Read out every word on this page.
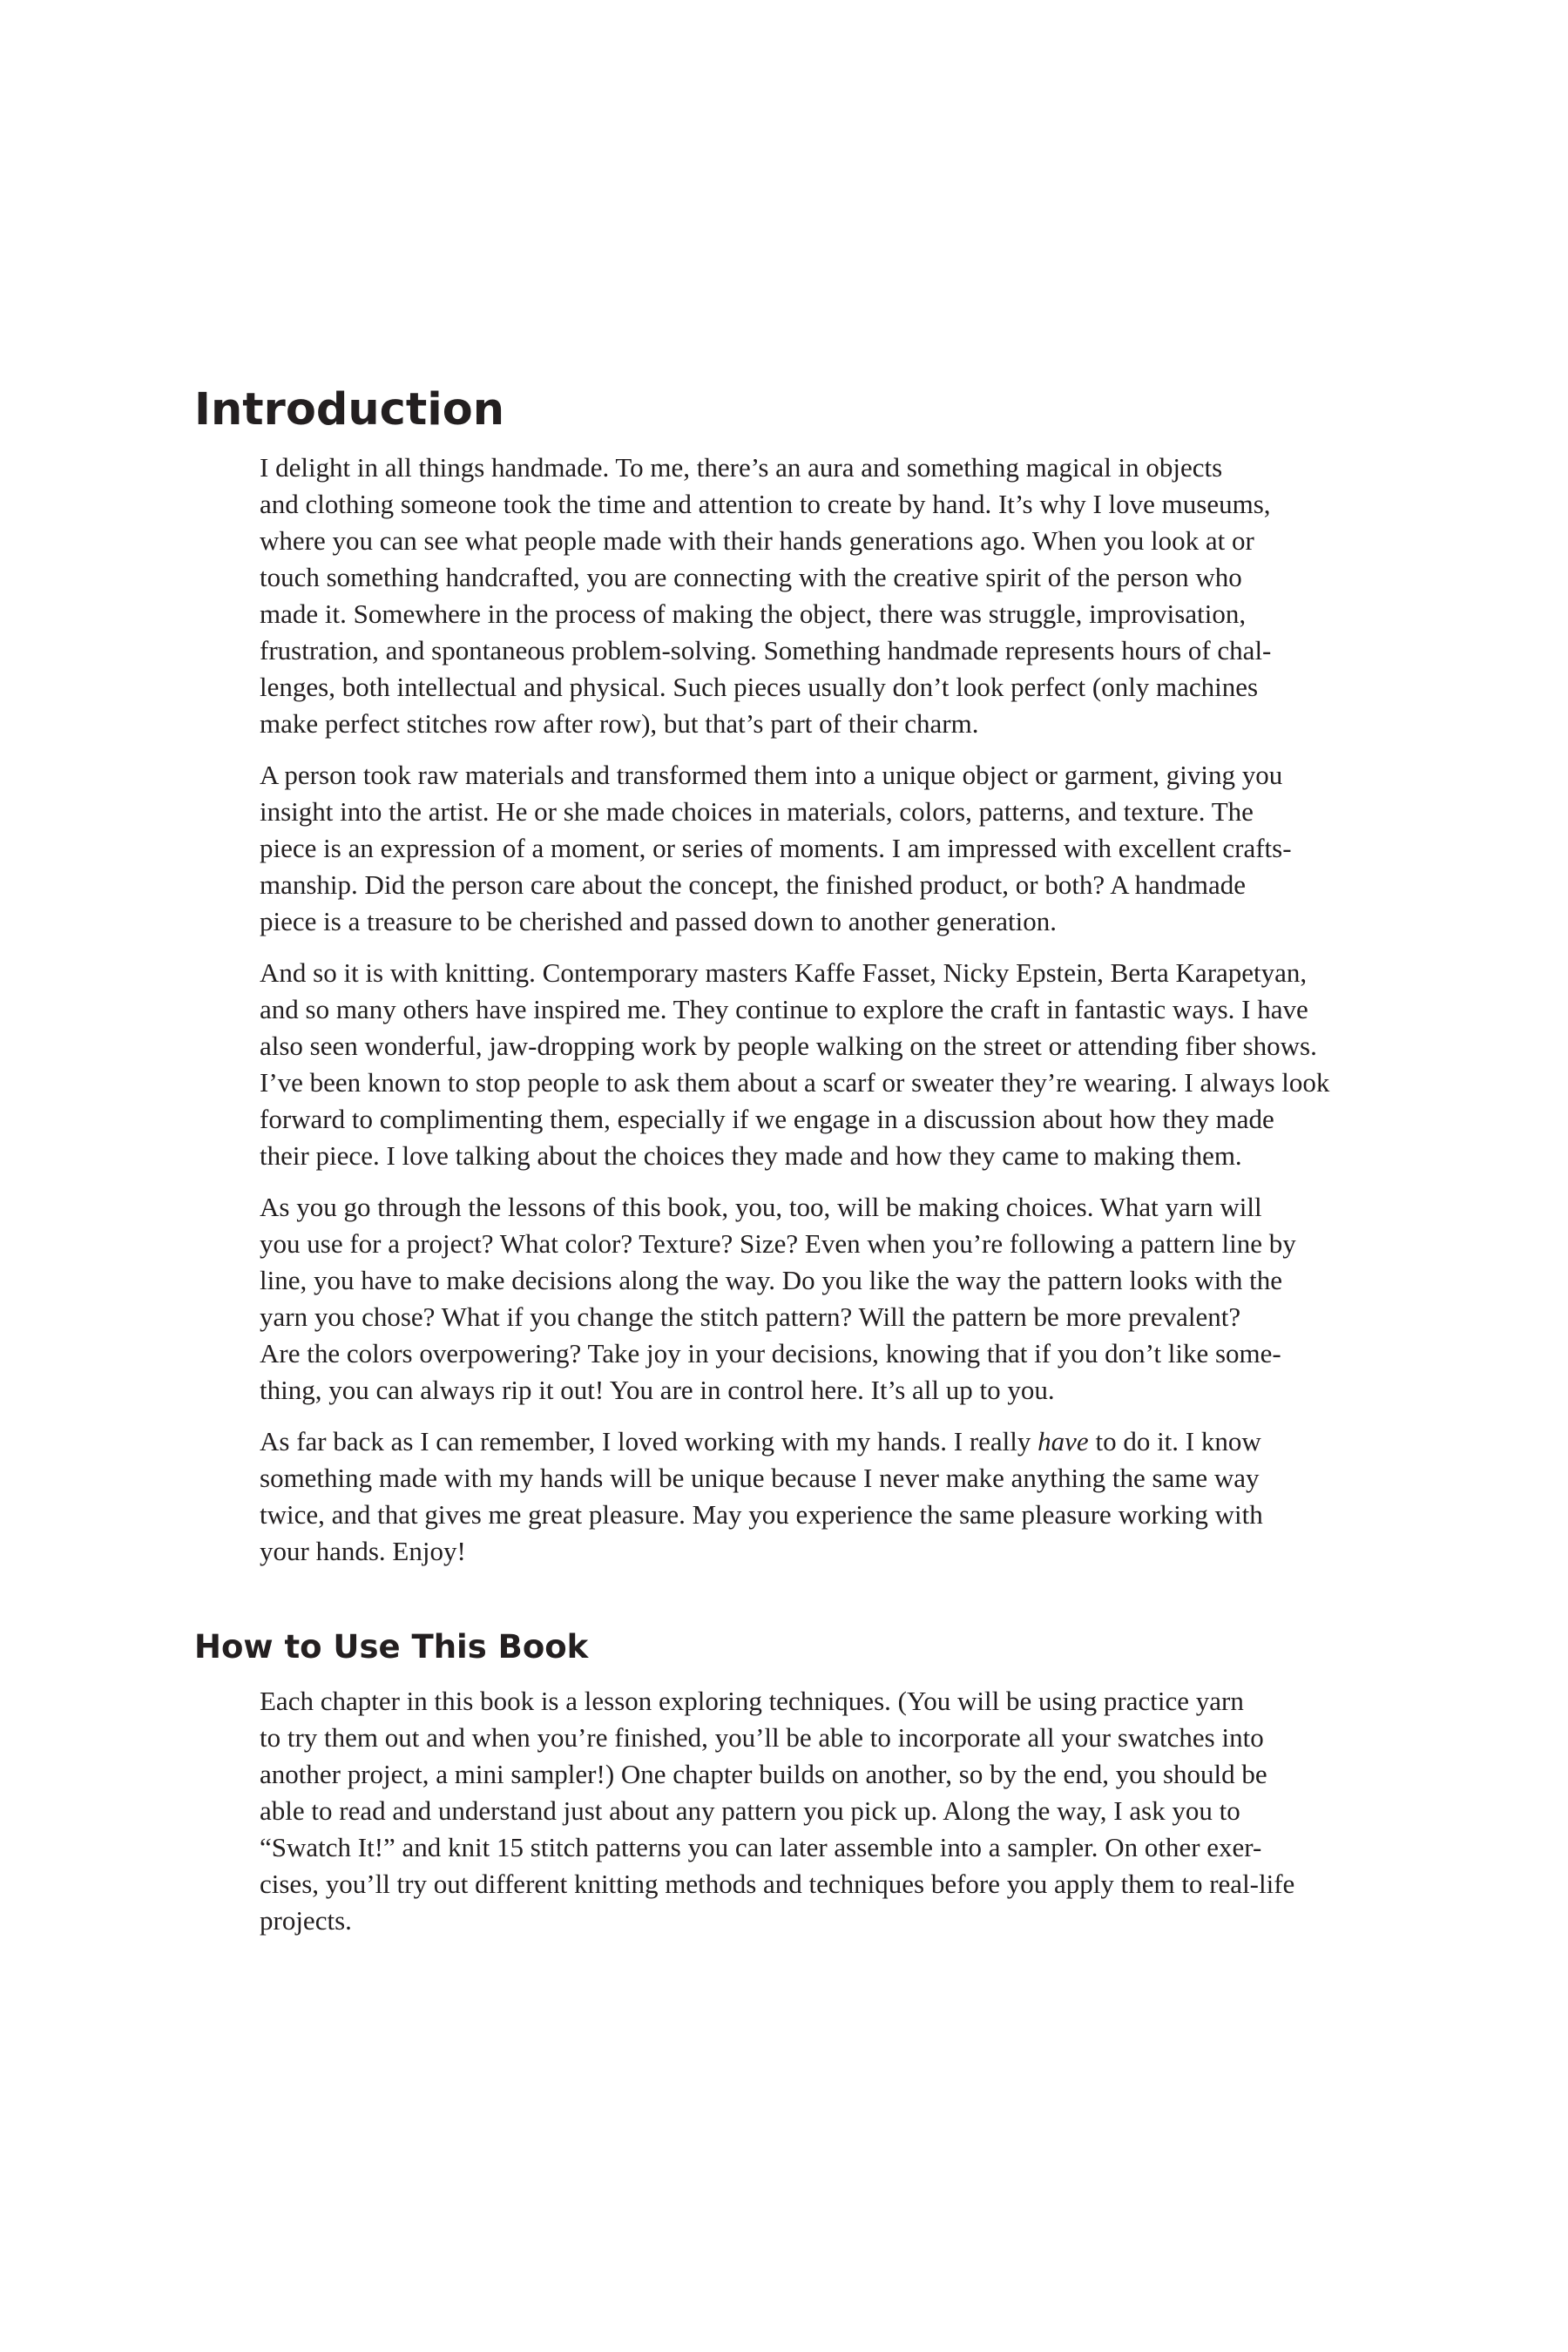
Introduction

I delight in all things handmade. To me, there’s an aura and something magical in objects
and clothing someone took the time and attention to create by hand. It’s why I love museums,
where you can see what people made with their hands generations ago. When you look at or
touch something handcrafted, you are connecting with the creative spirit of the person who
made it. Somewhere in the process of making the object, there was struggle, improvisation,
frustration, and spontaneous problem-solving. Something handmade represents hours of chal-
lenges, both intellectual and physical. Such pieces usually don’t look perfect (only machines
make perfect stitches row after row), but that’s part of their charm.

A person took raw materials and transformed them into a unique object or garment, giving you
insight into the artist. He or she made choices in materials, colors, patterns, and texture. The
piece is an expression of a moment, or series of moments. I am impressed with excellent crafts-
manship. Did the person care about the concept, the finished product, or both? A handmade
piece is a treasure to be cherished and passed down to another generation.

And so it is with knitting. Contemporary masters Kaffe Fasset, Nicky Epstein, Berta Karapetyan,
and so many others have inspired me. They continue to explore the craft in fantastic ways. I have
also seen wonderful, jaw-dropping work by people walking on the street or attending fiber shows.
I’ve been known to stop people to ask them about a scarf or sweater they’re wearing. I always look
forward to complimenting them, especially if we engage in a discussion about how they made
their piece. I love talking about the choices they made and how they came to making them.

As you go through the lessons of this book, you, too, will be making choices. What yarn will
you use for a project? What color? Texture? Size? Even when you’re following a pattern line by
line, you have to make decisions along the way. Do you like the way the pattern looks with the
yarn you chose? What if you change the stitch pattern? Will the pattern be more prevalent?
Are the colors overpowering? Take joy in your decisions, knowing that if you don’t like some-
thing, you can always rip it out! You are in control here. It’s all up to you.

As far back as I can remember, I loved working with my hands. I really have to do it. I know
something made with my hands will be unique because I never make anything the same way
twice, and that gives me great pleasure. May you experience the same pleasure working with
your hands. Enjoy!

How to Use This Book

Each chapter in this book is a lesson exploring techniques. (You will be using practice yarn
to try them out and when you’re finished, you’ll be able to incorporate all your swatches into
another project, a mini sampler!) One chapter builds on another, so by the end, you should be
able to read and understand just about any pattern you pick up. Along the way, I ask you to
“Swatch It!” and knit 15 stitch patterns you can later assemble into a sampler. On other exer-
cises, you’ll try out different knitting methods and techniques before you apply them to real-life
projects.
